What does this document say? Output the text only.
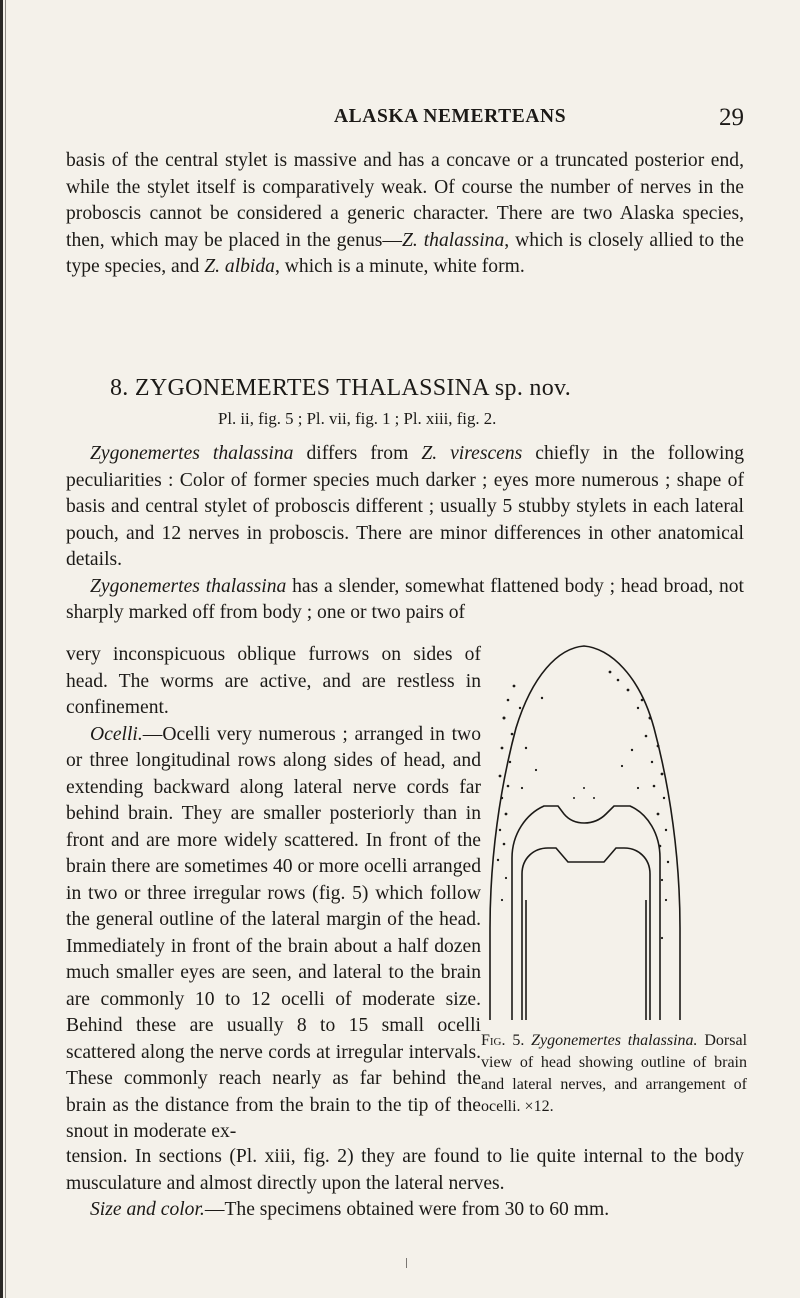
ALASKA NEMERTEANS	29

basis of the central stylet is massive and has a concave or a truncated posterior end, while the stylet itself is comparatively weak. Of course the number of nerves in the proboscis cannot be considered a generic character. There are two Alaska species, then, which may be placed in the genus—Z. thalassina, which is closely allied to the type species, and Z. albida, which is a minute, white form.

8. ZYGONEMERTES THALASSINA sp. nov.
Pl. ii, fig. 5 ; Pl. vii, fig. 1 ; Pl. xiii, fig. 2.

Zygonemertes thalassina differs from Z. virescens chiefly in the following peculiarities : Color of former species much darker ; eyes more numerous ; shape of basis and central stylet of proboscis different ; usually 5 stubby stylets in each lateral pouch, and 12 nerves in proboscis. There are minor differences in other anatomical details.

Zygonemertes thalassina has a slender, somewhat flattened body ; head broad, not sharply marked off from body ; one or two pairs of

very inconspicuous oblique furrows on sides of head. The worms are active, and are restless in confinement.

Ocelli.—Ocelli very numerous ; arranged in two or three longitudinal rows along sides of head, and extending backward along lateral nerve cords far behind brain. They are smaller posteriorly than in front and are more widely scattered. In front of the brain there are sometimes 40 or more ocelli arranged in two or three irregular rows (fig. 5) which follow the general outline of the lateral margin of the head. Immediately in front of the brain about a half dozen much smaller eyes are seen, and lateral to the brain are commonly 10 to 12 ocelli of moderate size. Behind these are usually 8 to 15 small ocelli scattered along the nerve cords at irregular intervals. These commonly reach nearly as far behind the brain as the distance from the brain to the tip of the snout in moderate ex-

Fig. 5. Zygonemertes thalassina. Dorsal view of head showing outline of brain and lateral nerves, and arrangement of ocelli. ×12.

tension. In sections (Pl. xiii, fig. 2) they are found to lie quite internal to the body musculature and almost directly upon the lateral nerves.

Size and color.—The specimens obtained were from 30 to 60 mm.
